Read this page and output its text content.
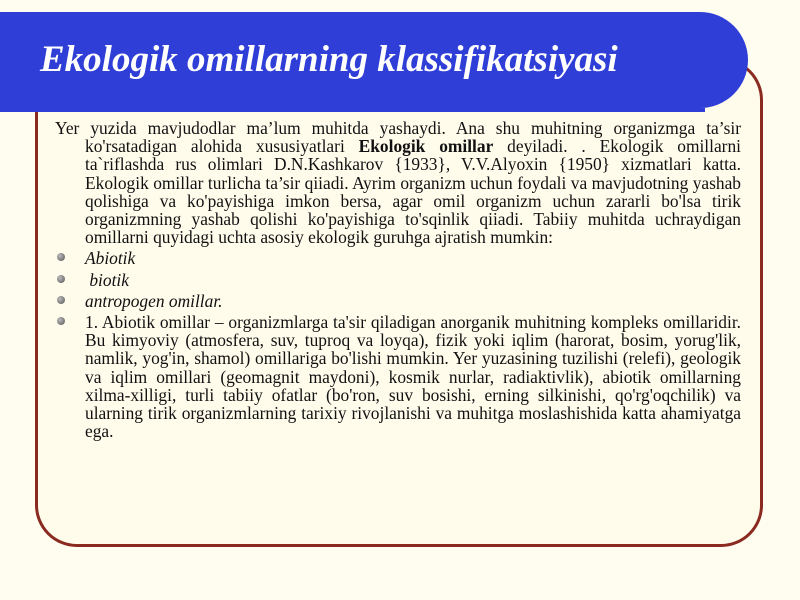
Ekologik omillarning klassifikatsiyasi

Yer yuzida mavjudodlar ma’lum muhitda yashaydi. Ana shu muhitning organizmga ta’sir ko'rsatadigan alohida xususiyatlari Ekologik omillar deyiladi. . Ekologik omillarni ta`riflashda rus olimlari D.N.Kashkarov {1933}, V.V.Alyoxin {1950} xizmatlari katta. Ekologik omillar turlicha ta’sir qiiadi. Ayrim organizm uchun foydali va mavjudotning yashab qolishiga va ko'payishiga imkon bersa, agar omil organizm uchun zararli bo'lsa tirik organizmning yashab qolishi ko'payishiga to'sqinlik qiiadi. Tabiiy muhitda uchraydigan omillarni quyidagi uchta asosiy ekologik guruhga ajratish mumkin:

Abiotik
biotik
antropogen omillar.
1. Abiotik omillar – organizmlarga ta'sir qiladigan anorganik muhitning kompleks omillaridir. Bu kimyoviy (atmosfera, suv, tuproq va loyqa), fizik yoki iqlim (harorat, bosim, yorug'lik, namlik, yog'in, shamol) omillariga bo'lishi mumkin. Yer yuzasining tuzilishi (relefi), geologik va iqlim omillari (geomagnit maydoni), kosmik nurlar, radiaktivlik), abiotik omillarning xilma-xilligi, turli tabiiy ofatlar (bo'ron, suv bosishi, erning silkinishi, qo'rg'oqchilik) va ularning tirik organizmlarning tarixiy rivojlanishi va muhitga moslashishida katta ahamiyatga ega.
